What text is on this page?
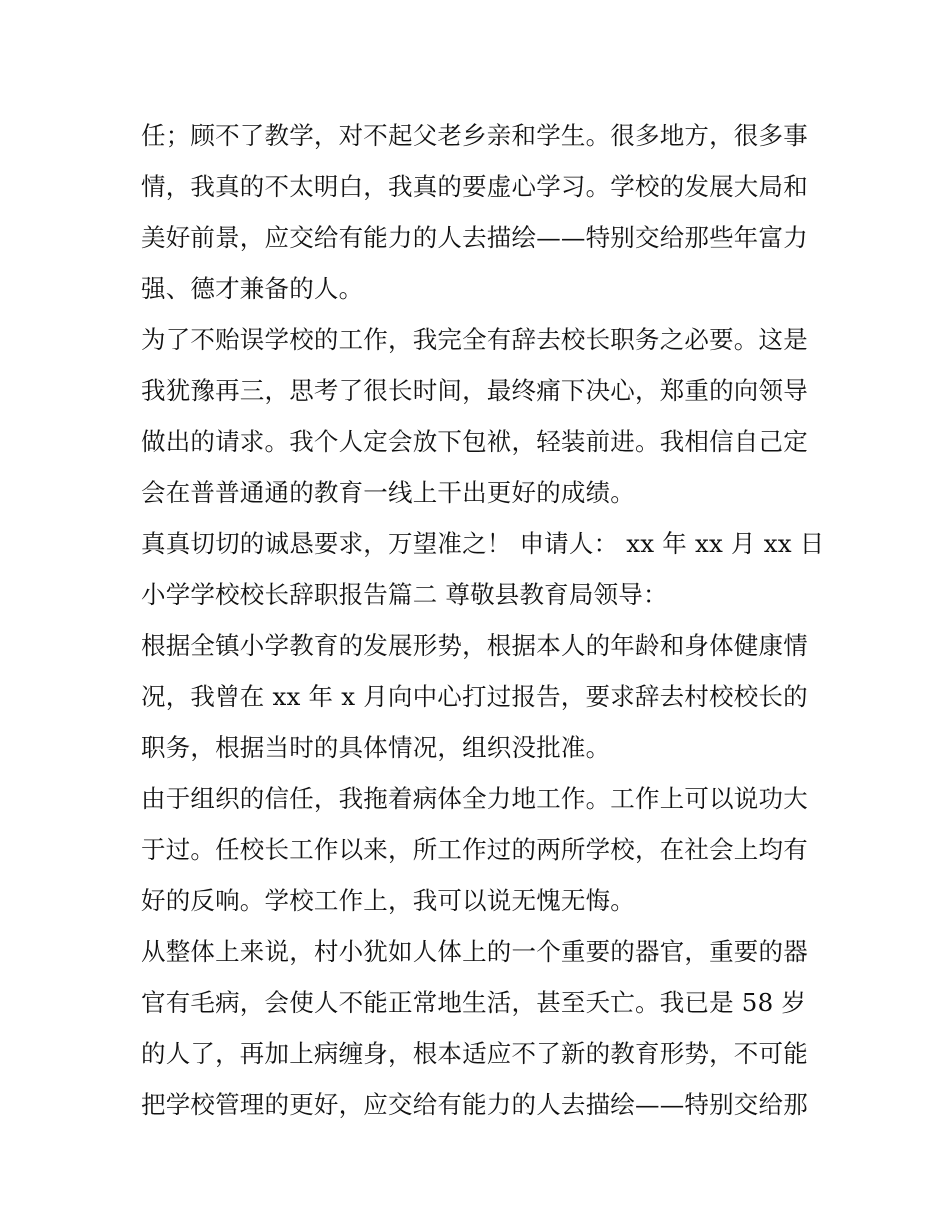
任；顾不了教学，对不起父老乡亲和学生。很多地方，很多事
情，我真的不太明白，我真的要虚心学习。学校的发展大局和
美好前景，应交给有能力的人去描绘——特别交给那些年富力
强、德才兼备的人。
为了不贻误学校的工作，我完全有辞去校长职务之必要。这是
我犹豫再三，思考了很长时间，最终痛下决心，郑重的向领导
做出的请求。我个人定会放下包袱，轻装前进。我相信自己定
会在普普通通的教育一线上干出更好的成绩。
真真切切的诚恳要求，万望准之！ 申请人： xx 年 xx 月 xx 日
小学学校校长辞职报告篇二 尊敬县教育局领导：
根据全镇小学教育的发展形势，根据本人的年龄和身体健康情
况，我曾在 xx 年 x 月向中心打过报告，要求辞去村校校长的
职务，根据当时的具体情况，组织没批准。
由于组织的信任，我拖着病体全力地工作。工作上可以说功大
于过。任校长工作以来，所工作过的两所学校，在社会上均有
好的反响。学校工作上，我可以说无愧无悔。
从整体上来说，村小犹如人体上的一个重要的器官，重要的器
官有毛病，会使人不能正常地生活，甚至夭亡。我已是 58 岁
的人了，再加上病缠身，根本适应不了新的教育形势，不可能
把学校管理的更好，应交给有能力的人去描绘——特别交给那
